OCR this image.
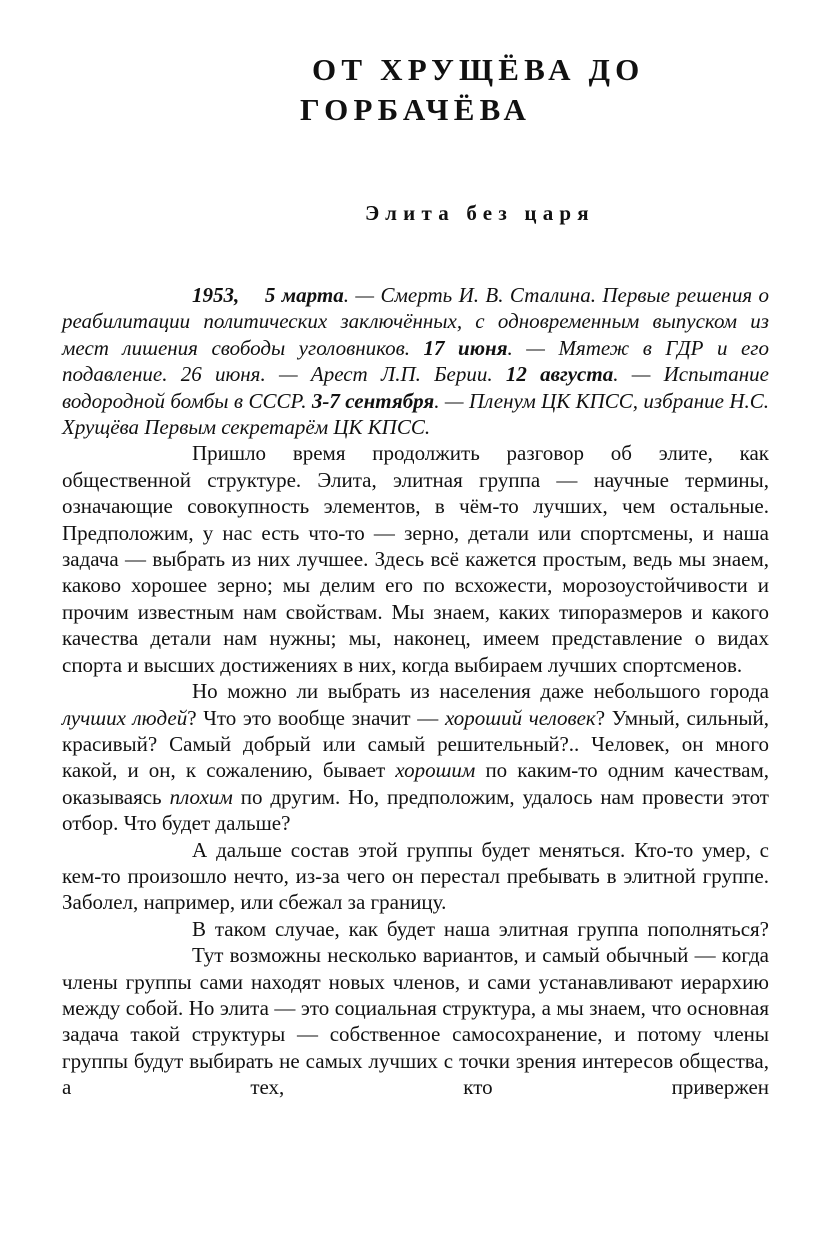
ОТ ХРУЩЁВА ДО
ГОРБАЧЁВА
Элита без царя

1953, 5 марта. — Смерть И. В. Сталина. Первые решения о реабилитации политических заключённых, с одновременным выпуском из мест лишения свободы уголовников. 17 июня. — Мятеж в ГДР и его подавление. 26 июня. — Арест Л.П. Берии. 12 августа. — Испытание водородной бомбы в СССР. 3-7 сентября. — Пленум ЦК КПСС, избрание Н.С. Хрущёва Первым секретарём ЦК КПСС.

Пришло время продолжить разговор об элите, как общественной структуре. Элита, элитная группа — научные термины, означающие совокупность элементов, в чём-то лучших, чем остальные. Предположим, у нас есть что-то — зерно, детали или спортсмены, и наша задача — выбрать из них лучшее. Здесь всё кажется простым, ведь мы знаем, каково хорошее зерно; мы делим его по всхожести, морозоустойчивости и прочим известным нам свойствам. Мы знаем, каких типоразмеров и какого качества детали нам нужны; мы, наконец, имеем представление о видах спорта и высших достижениях в них, когда выбираем лучших спортсменов.

Но можно ли выбрать из населения даже небольшого города лучших людей? Что это вообще значит — хороший человек? Умный, сильный, красивый? Самый добрый или самый решительный?.. Человек, он много какой, и он, к сожалению, бывает хорошим по каким-то одним качествам, оказываясь плохим по другим. Но, предположим, удалось нам провести этот отбор. Что будет дальше?

А дальше состав этой группы будет меняться. Кто-то умер, с кем-то произошло нечто, из-за чего он перестал пребывать в элитной группе. Заболел, например, или сбежал за границу.

В таком случае, как будет наша элитная группа пополняться?

Тут возможны несколько вариантов, и самый обычный — когда члены группы сами находят новых членов, и сами устанавливают иерархию между собой. Но элита — это социальная структура, а мы знаем, что основная задача такой структуры — собственное самосохранение, и потому члены группы будут выбирать не самых лучших с точки зрения интересов общества, а тех, кто привержен
